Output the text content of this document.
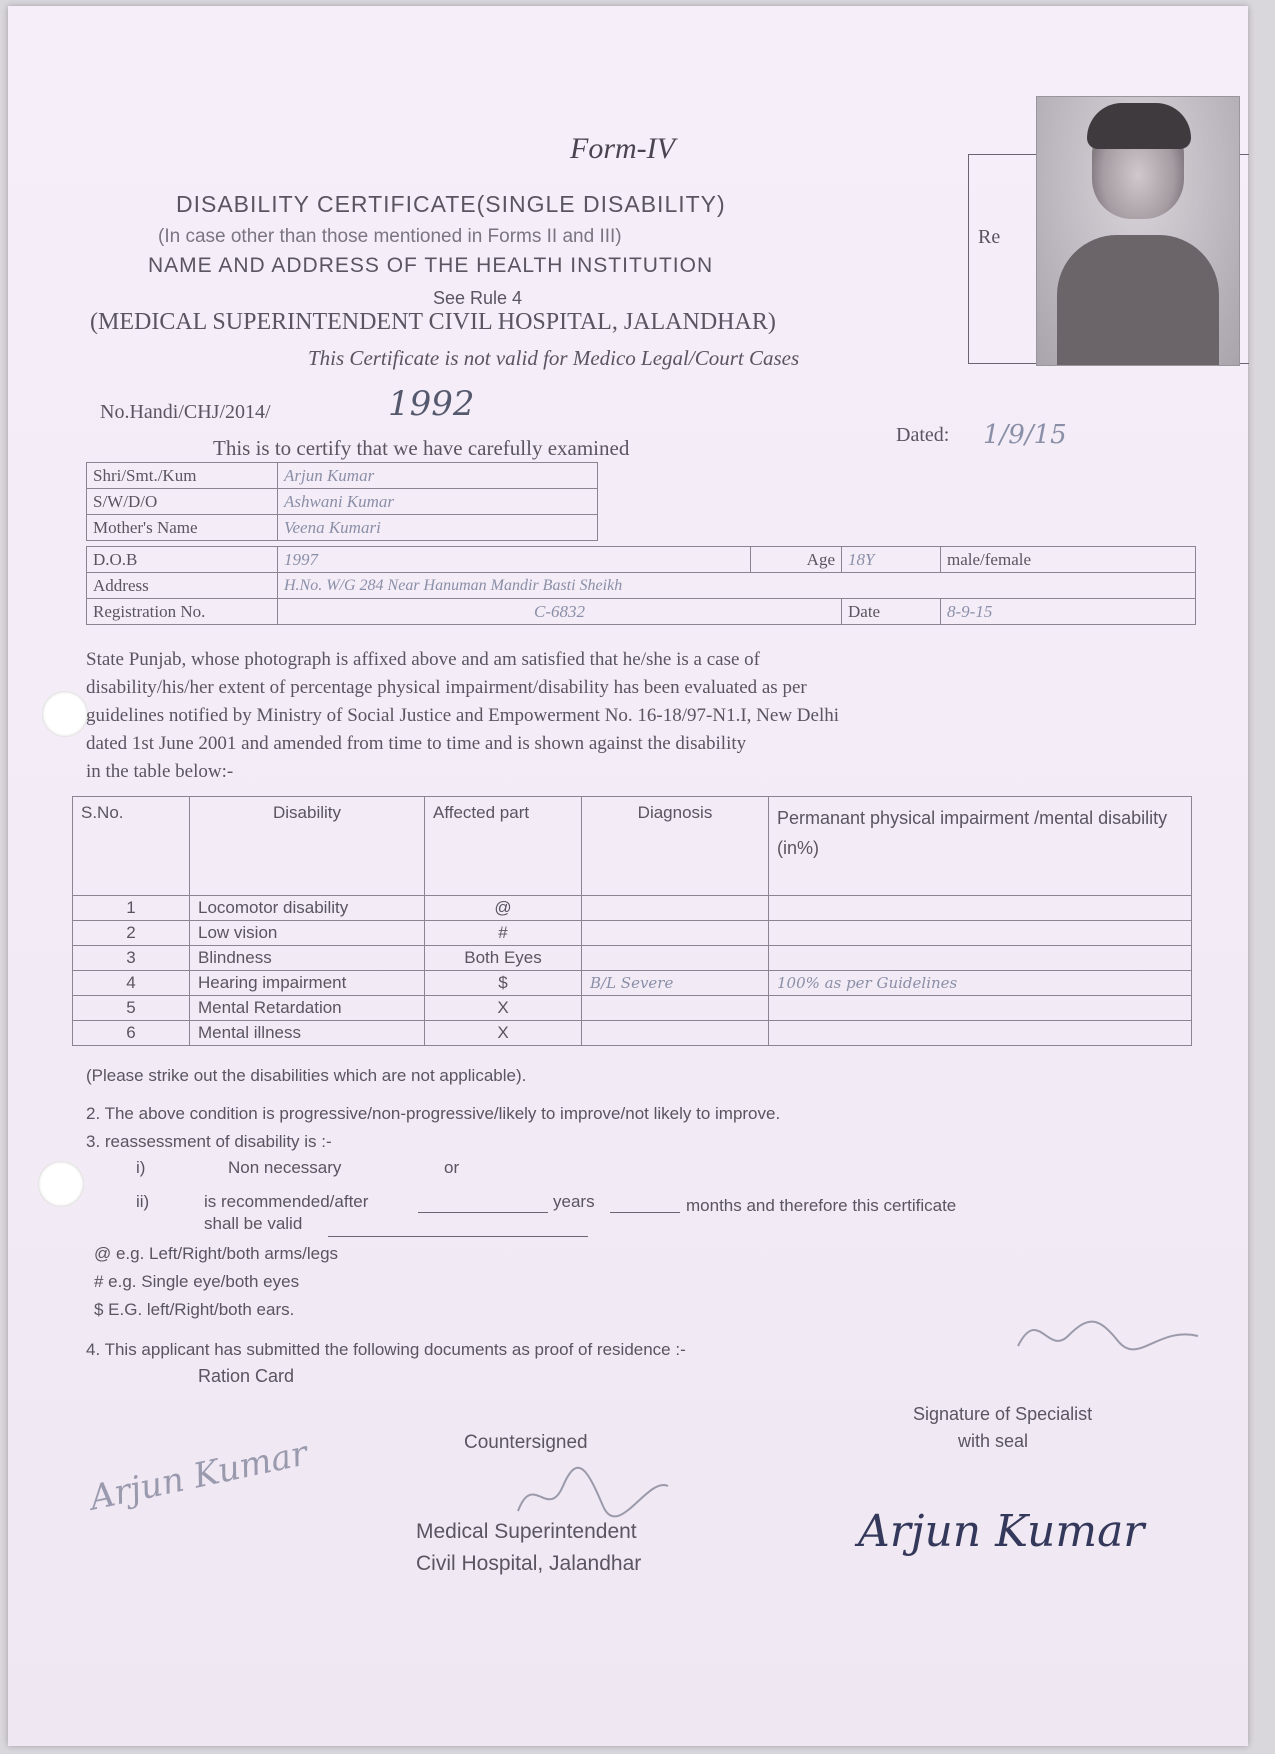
Form-IV
DISABILITY CERTIFICATE(SINGLE DISABILITY)
(In case other than those mentioned in Forms II and III)
NAME AND ADDRESS OF THE HEALTH INSTITUTION
See Rule 4
(MEDICAL SUPERINTENDENT CIVIL HOSPITAL, JALANDHAR)
This Certificate is not valid for Medico Legal/Court Cases
Re
No.Handi/CHJ/2014/	1992
Dated: 1/9/15
This is to certify that we have carefully examined
Shri/Smt./Kum	Arjun Kumar
S/W/D/O	Ashwani Kumar
Mother's Name	Veena Kumari
D.O.B	1997	Age	18Y	male/female
Address	H.No. W/G 284 Near Hanuman Mandir Basti Sheikh			
Registration No.	C-6832		Date	8-9-15
State Punjab, whose photograph is affixed above and am satisfied that he/she is a case of
disability/his/her extent of percentage physical impairment/disability has been evaluated as per
guidelines notified by Ministry of Social Justice and Empowerment No. 16-18/97-N1.I, New Delhi
dated 1st June 2001 and amended from time to time and is shown against the disability
in the table below:-
S.No.	Disability	Affected part	Diagnosis	Permanant physical impairment /mental disability (in%)
1	Locomotor disability	@		
2	Low vision	#		
3	Blindness	Both Eyes		
4	Hearing impairment	$	B/L Severe	100% as per Guidelines
5	Mental Retardation	X		
6	Mental illness	X		
(Please strike out the disabilities which are not applicable).
2. The above condition is progressive/non-progressive/likely to improve/not likely to improve.
3. reassessment of disability is :-
i)	Non necessary	or
ii)	is recommended/after	years	months and therefore this certificate
shall be valid
@ e.g. Left/Right/both arms/legs
# e.g. Single eye/both eyes
$ E.G. left/Right/both ears.
4. This applicant has submitted the following documents as proof of residence :-
Ration Card
Signature of Specialist
with seal
Countersigned
Medical Superintendent
Civil Hospital, Jalandhar
Arjun Kumar
Arjun Kumar
